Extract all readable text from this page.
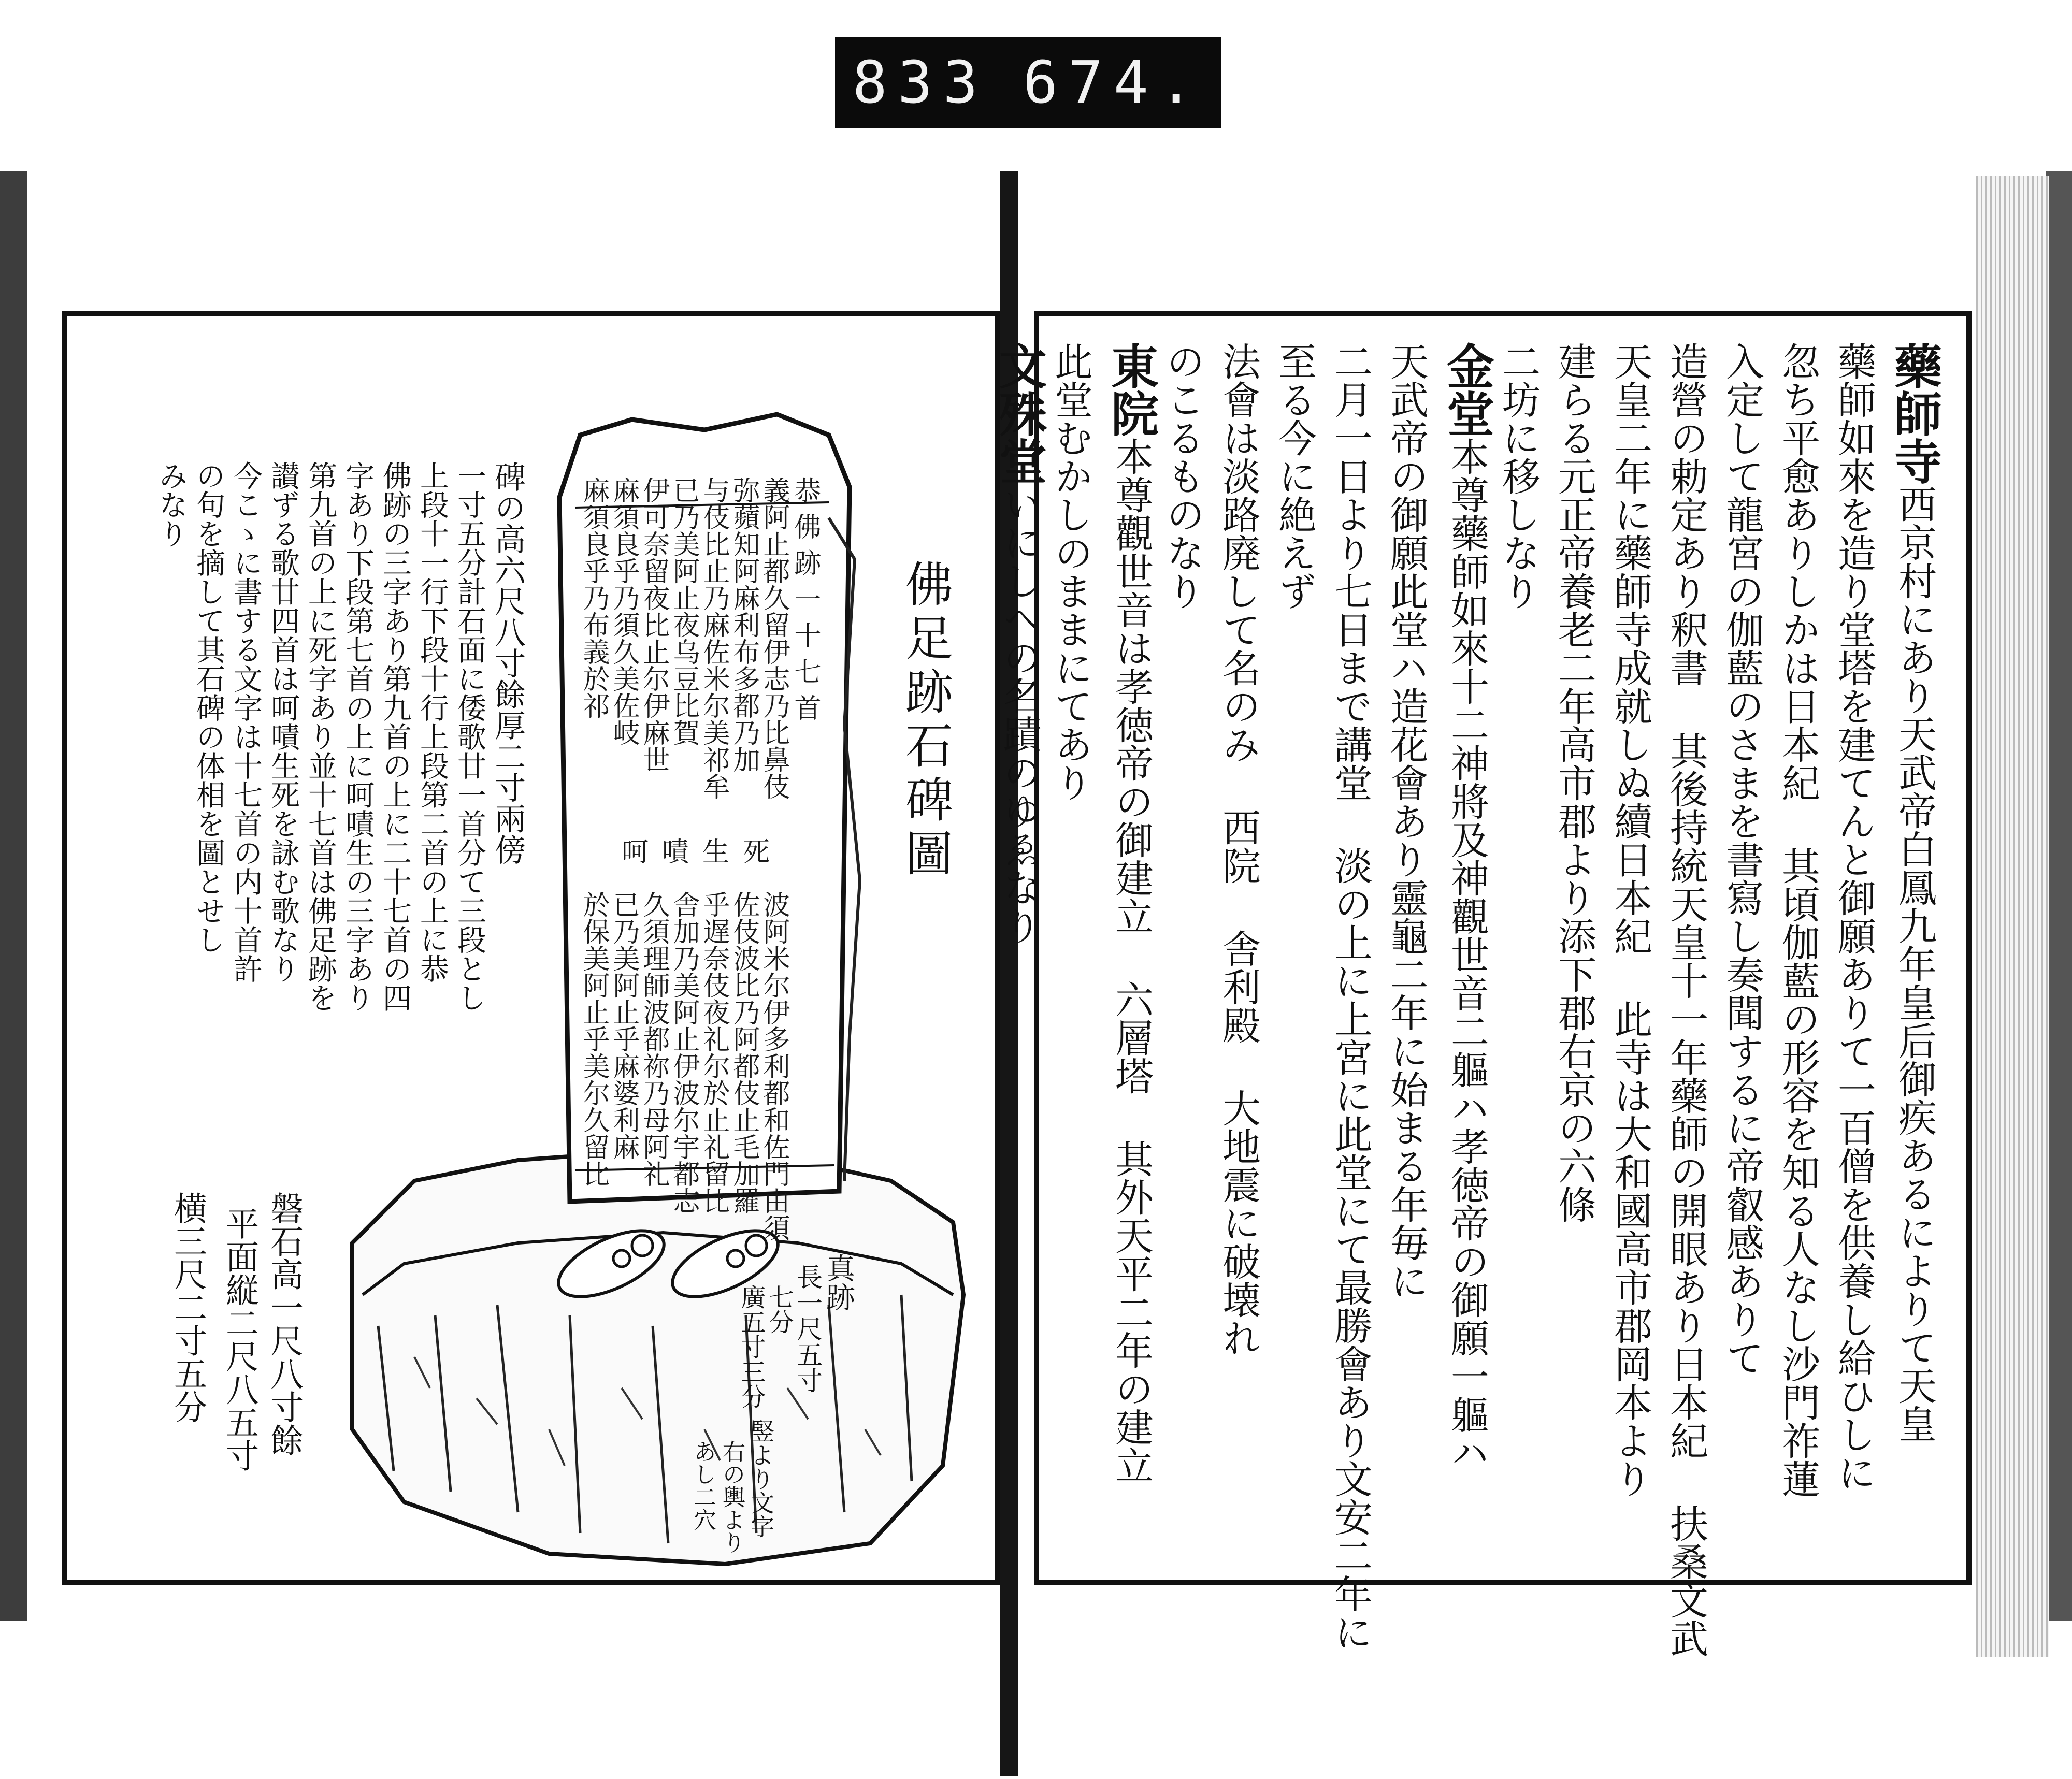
833 674.
佛足跡石碑圖
恭佛跡一十七首
義阿止都久留伊志乃比鼻伎
弥蘋知阿麻利布多都乃加
与伎比止乃麻佐米尔美祁牟
已乃美阿止夜乌豆比賀
伊可奈留夜比止尔伊麻世
麻須良乎乃須久美佐岐
麻須良乎乃布義於祁
呵嘖生死
波阿米尔伊多利都和佐門由須
佐伎波比乃阿都伎止毛加羅
乎遅奈伎夜礼尔於止礼留比
舎加乃美阿止伊波尔宇都志
久須理師波都祢乃母阿礼
已乃美阿止乎麻婆利麻
於保美阿止乎美尔久留比
真跡
長一尺五寸
七分
廣五寸三分
竪より文字
右の輿より
あし二穴
碑の高六尺八寸餘厚二寸兩傍
一寸五分計石面に倭歌廿一首分て三段とし
上段十一行下段十行上段第二首の上に恭
佛跡の三字あり第九首の上に二十七首の四
字あり下段第七首の上に呵嘖生の三字あり
第九首の上に死字あり並十七首は佛足跡を
讃ずる歌廿四首は呵嘖生死を詠む歌なり
今こゝに書する文字は十七首の内十首許
の句を摘して其石碑の体相を圖とせし
みなり
磐石高一尺八寸餘
平面縦二尺八五寸
横三尺二寸五分
藥師寺西京村にあり天武帝白鳳九年皇后御疾あるによりて天皇
藥師如來を造り堂塔を建てんと御願ありて一百僧を供養し給ひしに
忽ち平愈ありしかは日本紀 其頃伽藍の形容を知る人なし沙門祚蓮
入定して龍宮の伽藍のさまを書寫し奏聞するに帝叡感ありて
造營の勅定あり釈書 其後持統天皇十一年藥師の開眼あり日本紀 扶桑文武
天皇二年に藥師寺成就しぬ續日本紀 此寺は大和國高市郡岡本より
建らる元正帝養老二年高市郡より添下郡右京の六條
二坊に移しなり
金堂本尊藥師如來十二神將及神觀世音二軀ハ孝徳帝の御願一軀ハ
天武帝の御願此堂ハ造花會あり靈龜二年に始まる年毎に
二月一日より七日まで講堂 淡の上に上宮に此堂にて最勝會あり文安二年に
至る今に絶えず
法會は淡路廃して名のみ 西院 舎利殿 大地震に破壊れ
のこるものなり
東院本尊觀世音は孝徳帝の御建立 六層塔 其外天平二年の建立
此堂むかしのままにてあり
文殊堂いにしへの名蹟のゆゑなり
